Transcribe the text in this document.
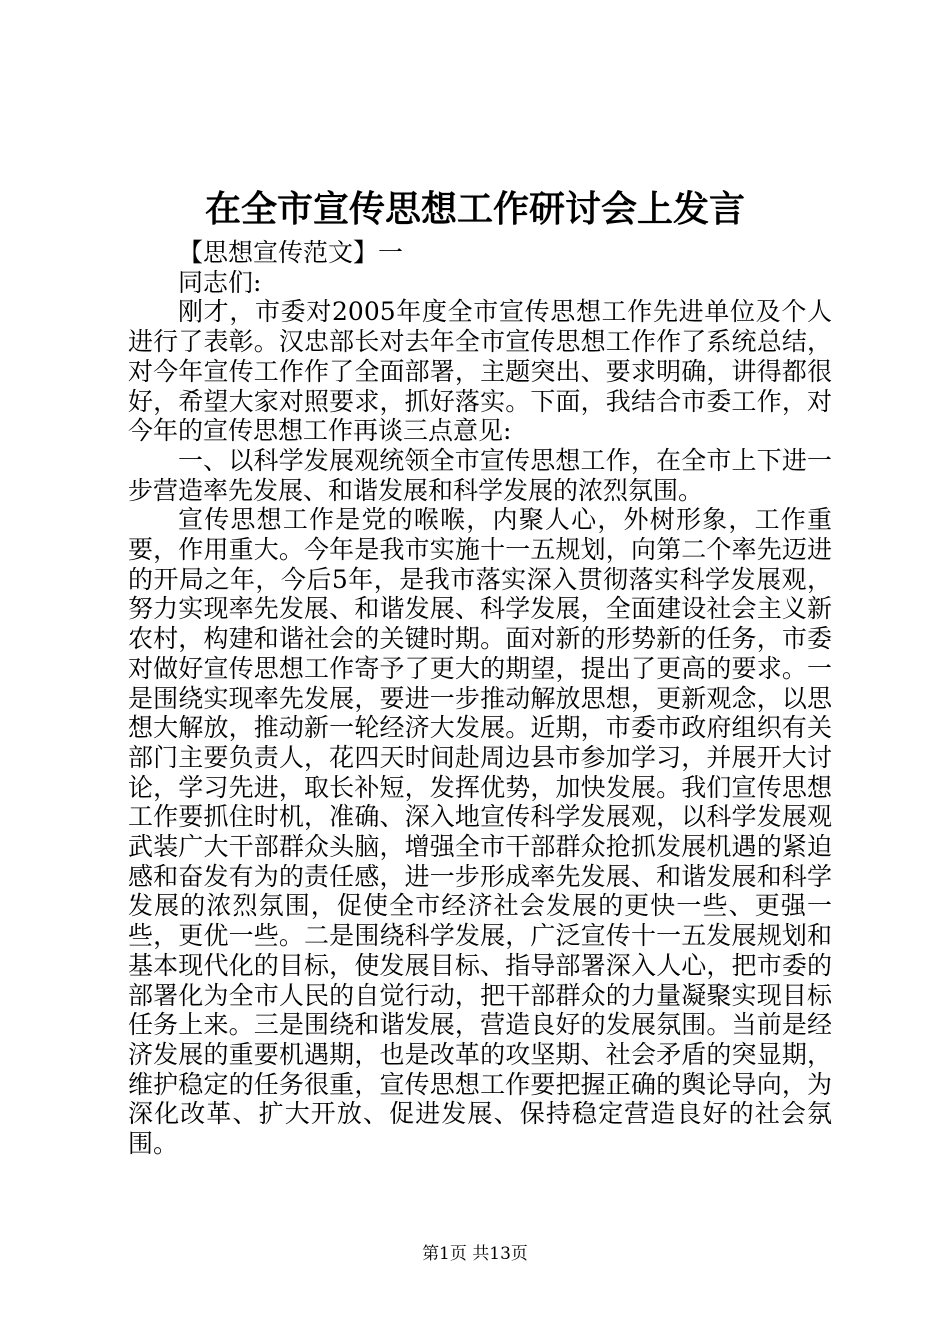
在全市宣传思想工作研讨会上发言

【思想宣传范文】一

同志们:

刚才，市委对2005年度全市宣传思想工作先进单位及个人进行了表彰。汉忠部长对去年全市宣传思想工作作了系统总结，对今年宣传工作作了全面部署，主题突出、要求明确，讲得都很好，希望大家对照要求，抓好落实。下面，我结合市委工作，对今年的宣传思想工作再谈三点意见:

一、以科学发展观统领全市宣传思想工作，在全市上下进一步营造率先发展、和谐发展和科学发展的浓烈氛围。

宣传思想工作是党的喉喉，内聚人心，外树形象，工作重要，作用重大。今年是我市实施十一五规划，向第二个率先迈进的开局之年，今后5年，是我市落实深入贯彻落实科学发展观，努力实现率先发展、和谐发展、科学发展，全面建设社会主义新农村，构建和谐社会的关键时期。面对新的形势新的任务，市委对做好宣传思想工作寄予了更大的期望，提出了更高的要求。一是围绕实现率先发展，要进一步推动解放思想，更新观念，以思想大解放，推动新一轮经济大发展。近期，市委市政府组织有关部门主要负责人，花四天时间赴周边县市参加学习，并展开大讨论，学习先进，取长补短，发挥优势，加快发展。我们宣传思想工作要抓住时机，准确、深入地宣传科学发展观，以科学发展观武装广大干部群众头脑，增强全市干部群众抢抓发展机遇的紧迫感和奋发有为的责任感，进一步形成率先发展、和谐发展和科学发展的浓烈氛围，促使全市经济社会发展的更快一些、更强一些，更优一些。二是围绕科学发展，广泛宣传十一五发展规划和基本现代化的目标，使发展目标、指导部署深入人心，把市委的部署化为全市人民的自觉行动，把干部群众的力量凝聚实现目标任务上来。三是围绕和谐发展，营造良好的发展氛围。当前是经济发展的重要机遇期，也是改革的攻坚期、社会矛盾的突显期，维护稳定的任务很重，宣传思想工作要把握正确的舆论导向，为深化改革、扩大开放、促进发展、保持稳定营造良好的社会氛围。

第1页 共13页
